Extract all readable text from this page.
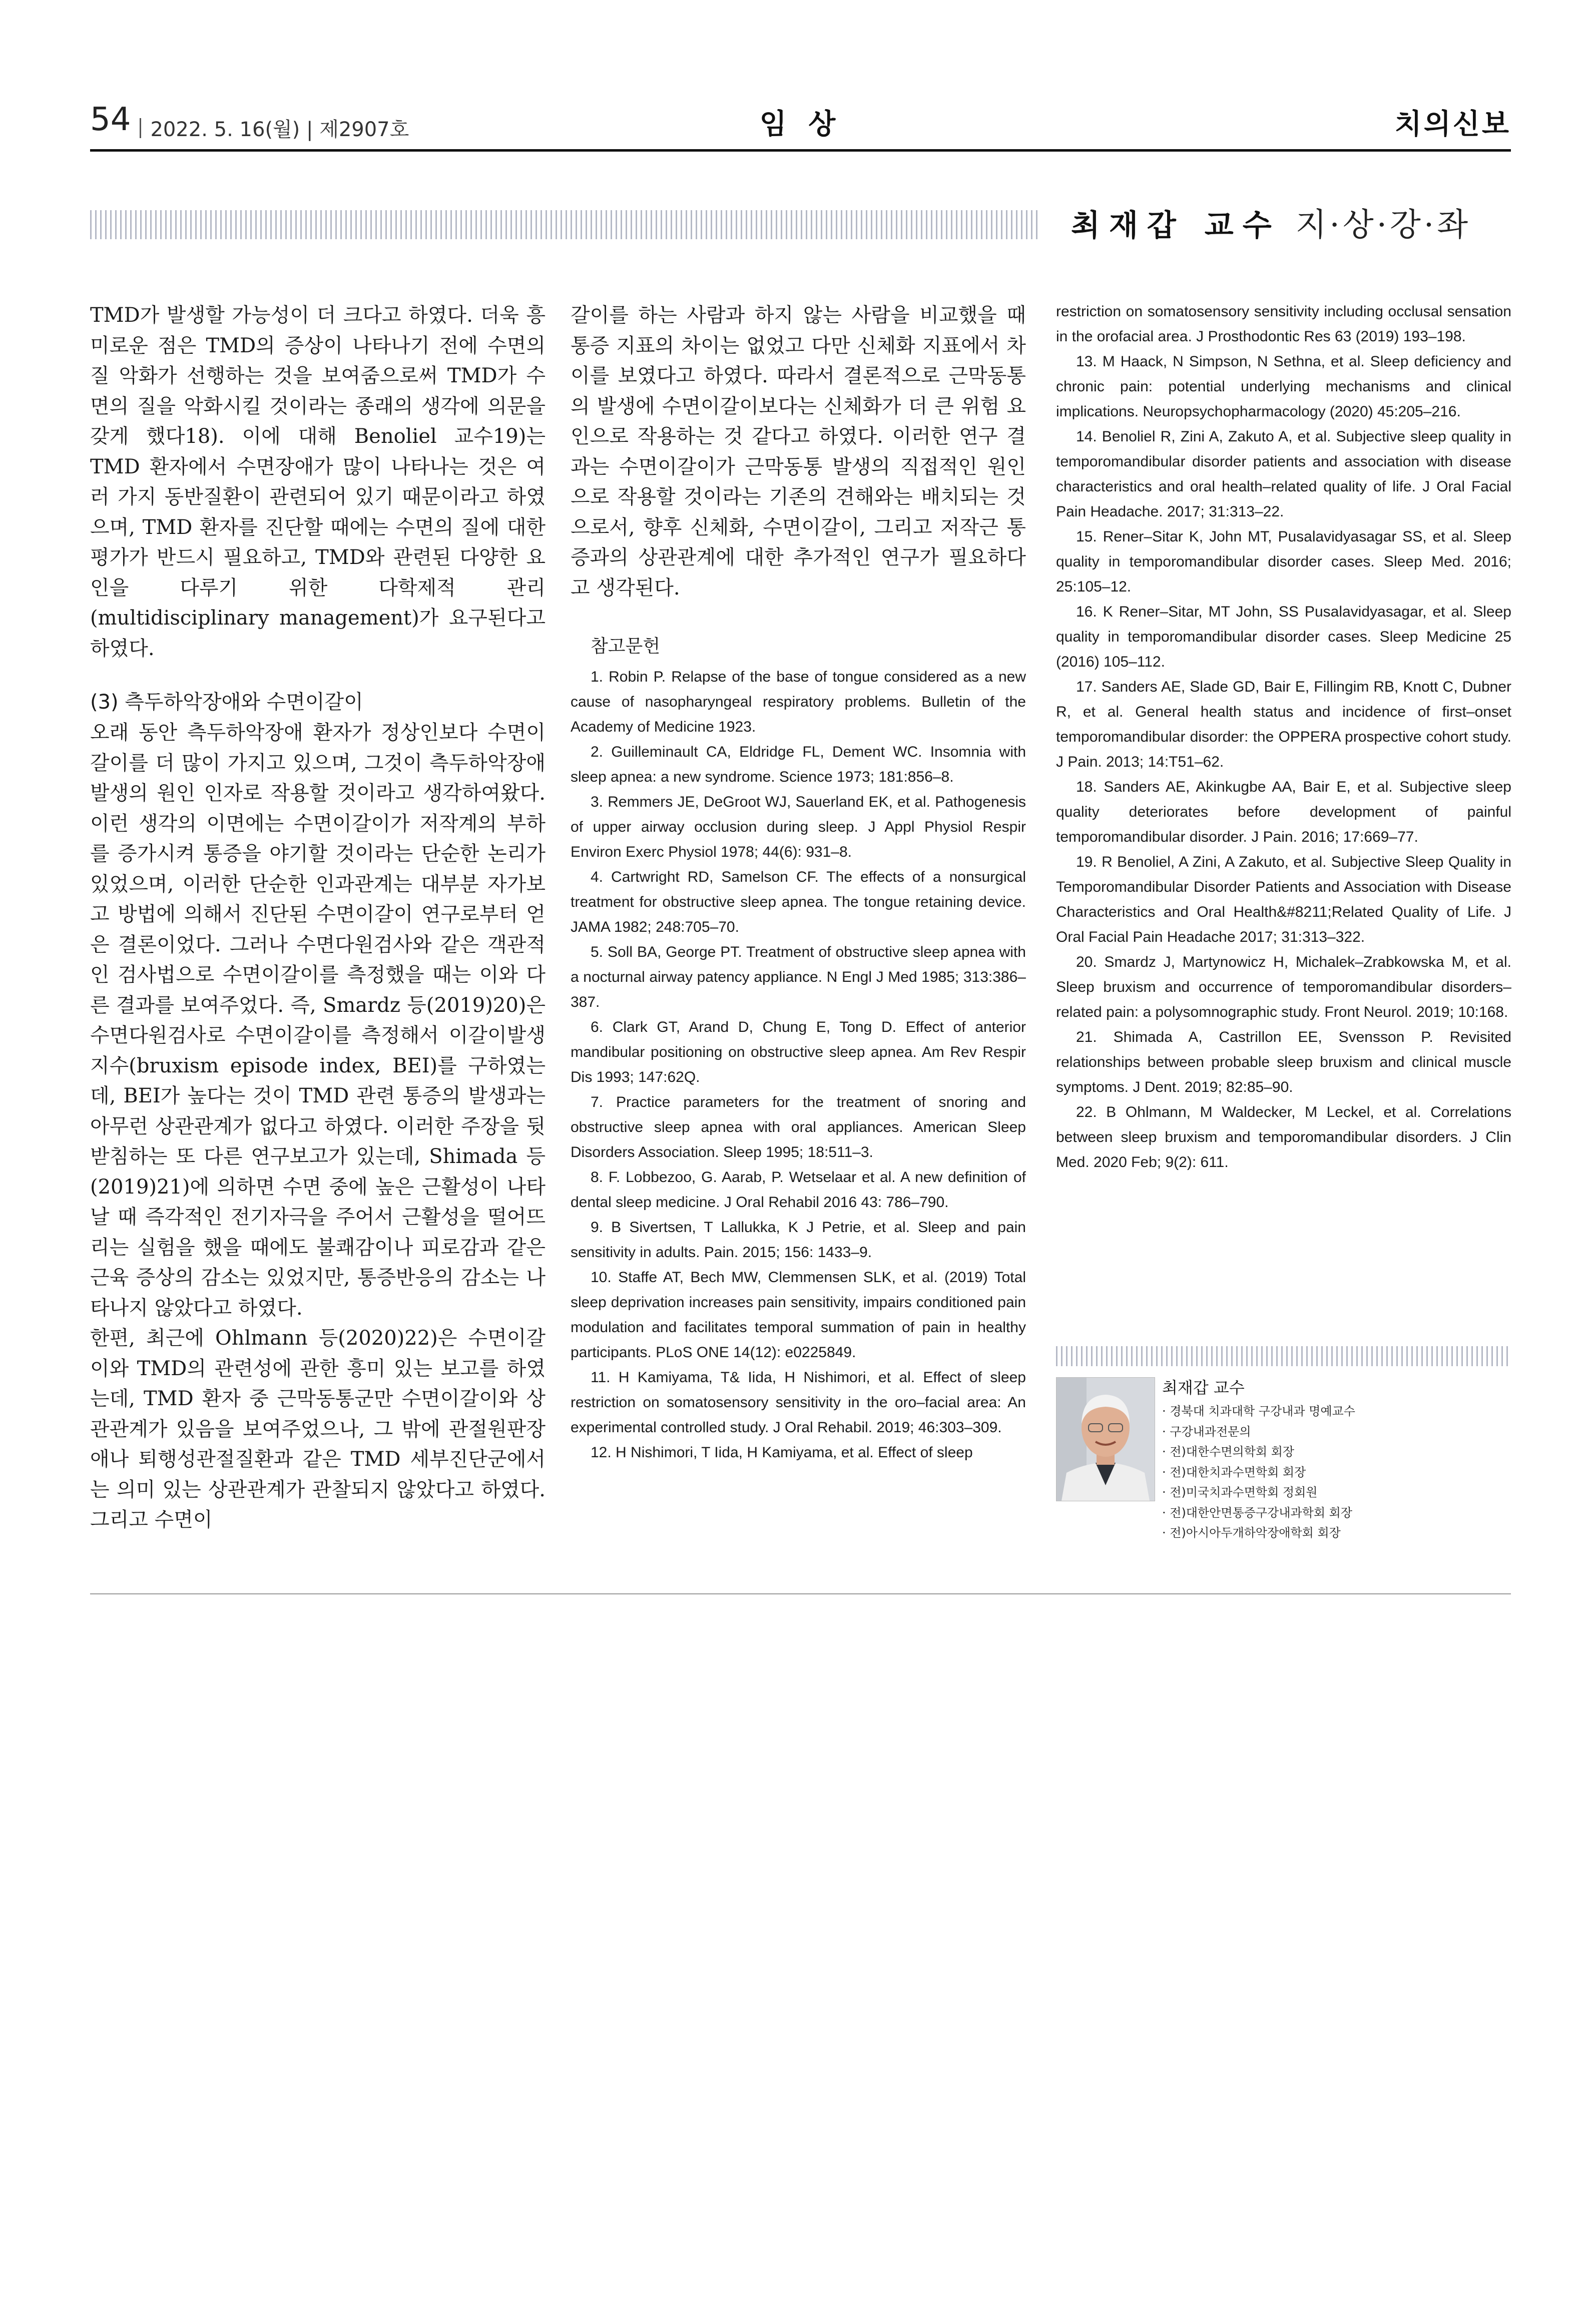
54 2022. 5. 16(월) | 제2907호	임 상	치의신보
최재갑 교수 지·상·강·좌

TMD가 발생할 가능성이 더 크다고 하였다. 더욱 흥미로운 점은 TMD의 증상이 나타나기 전에 수면의 질 악화가 선행하는 것을 보여줌으로써 TMD가 수면의 질을 악화시킬 것이라는 종래의 생각에 의문을 갖게 했다18). 이에 대해 Benoliel 교수19)는 TMD 환자에서 수면장애가 많이 나타나는 것은 여러 가지 동반질환이 관련되어 있기 때문이라고 하였으며, TMD 환자를 진단할 때에는 수면의 질에 대한 평가가 반드시 필요하고, TMD와 관련된 다양한 요인을 다루기 위한 다학제적 관리(multidisciplinary management)가 요구된다고 하였다.

(3) 측두하악장애와 수면이갈이

오래 동안 측두하악장애 환자가 정상인보다 수면이갈이를 더 많이 가지고 있으며, 그것이 측두하악장애 발생의 원인 인자로 작용할 것이라고 생각하여왔다. 이런 생각의 이면에는 수면이갈이가 저작계의 부하를 증가시켜 통증을 야기할 것이라는 단순한 논리가 있었으며, 이러한 단순한 인과관계는 대부분 자가보고 방법에 의해서 진단된 수면이갈이 연구로부터 얻은 결론이었다. 그러나 수면다원검사와 같은 객관적인 검사법으로 수면이갈이를 측정했을 때는 이와 다른 결과를 보여주었다. 즉, Smardz 등(2019)20)은 수면다원검사로 수면이갈이를 측정해서 이갈이발생지수(bruxism episode index, BEI)를 구하였는데, BEI가 높다는 것이 TMD 관련 통증의 발생과는 아무런 상관관계가 없다고 하였다. 이러한 주장을 뒷받침하는 또 다른 연구보고가 있는데, Shimada 등(2019)21)에 의하면 수면 중에 높은 근활성이 나타날 때 즉각적인 전기자극을 주어서 근활성을 떨어뜨리는 실험을 했을 때에도 불쾌감이나 피로감과 같은 근육 증상의 감소는 있었지만, 통증반응의 감소는 나타나지 않았다고 하였다.

한편, 최근에 Ohlmann 등(2020)22)은 수면이갈이와 TMD의 관련성에 관한 흥미 있는 보고를 하였는데, TMD 환자 중 근막동통군만 수면이갈이와 상관관계가 있음을 보여주었으나, 그 밖에 관절원판장애나 퇴행성관절질환과 같은 TMD 세부진단군에서는 의미 있는 상관관계가 관찰되지 않았다고 하였다. 그리고 수면이

갈이를 하는 사람과 하지 않는 사람을 비교했을 때 통증 지표의 차이는 없었고 다만 신체화 지표에서 차이를 보였다고 하였다. 따라서 결론적으로 근막동통의 발생에 수면이갈이보다는 신체화가 더 큰 위험 요인으로 작용하는 것 같다고 하였다. 이러한 연구 결과는 수면이갈이가 근막동통 발생의 직접적인 원인으로 작용할 것이라는 기존의 견해와는 배치되는 것으로서, 향후 신체화, 수면이갈이, 그리고 저작근 통증과의 상관관계에 대한 추가적인 연구가 필요하다고 생각된다.

참고문헌

1. Robin P. Relapse of the base of tongue considered as a new cause of nasopharyngeal respiratory problems. Bulletin of the Academy of Medicine 1923.

2. Guilleminault CA, Eldridge FL, Dement WC. Insomnia with sleep apnea: a new syndrome. Science 1973; 181:856–8.

3. Remmers JE, DeGroot WJ, Sauerland EK, et al. Pathogenesis of upper airway occlusion during sleep. J Appl Physiol Respir Environ Exerc Physiol 1978; 44(6): 931–8.

4. Cartwright RD, Samelson CF. The effects of a nonsurgical treatment for obstructive sleep apnea. The tongue retaining device. JAMA 1982; 248:705–70.

5. Soll BA, George PT. Treatment of obstructive sleep apnea with a nocturnal airway patency appliance. N Engl J Med 1985; 313:386–387.

6. Clark GT, Arand D, Chung E, Tong D. Effect of anterior mandibular positioning on obstructive sleep apnea. Am Rev Respir Dis 1993; 147:62Q.

7. Practice parameters for the treatment of snoring and obstructive sleep apnea with oral appliances. American Sleep Disorders Association. Sleep 1995; 18:511–3.

8. F. Lobbezoo, G. Aarab, P. Wetselaar et al. A new definition of dental sleep medicine. J Oral Rehabil 2016 43: 786–790.

9. B Sivertsen, T Lallukka, K J Petrie, et al. Sleep and pain sensitivity in adults. Pain. 2015; 156: 1433–9.

10. Staffe AT, Bech MW, Clemmensen SLK, et al. (2019) Total sleep deprivation increases pain sensitivity, impairs conditioned pain modulation and facilitates temporal summation of pain in healthy participants. PLoS ONE 14(12): e0225849.

11. H Kamiyama, T& Iida, H Nishimori, et al. Effect of sleep restriction on somatosensory sensitivity in the oro–facial area: An experimental controlled study. J Oral Rehabil. 2019; 46:303–309.

12. H Nishimori, T Iida, H Kamiyama, et al. Effect of sleep

restriction on somatosensory sensitivity including occlusal sensation in the orofacial area. J Prosthodontic Res 63 (2019) 193–198.

13. M Haack, N Simpson, N Sethna, et al. Sleep deficiency and chronic pain: potential underlying mechanisms and clinical implications. Neuropsychopharmacology (2020) 45:205–216.

14. Benoliel R, Zini A, Zakuto A, et al. Subjective sleep quality in temporomandibular disorder patients and association with disease characteristics and oral health–related quality of life. J Oral Facial Pain Headache. 2017; 31:313–22.

15. Rener–Sitar K, John MT, Pusalavidyasagar SS, et al. Sleep quality in temporomandibular disorder cases. Sleep Med. 2016; 25:105–12.

16. K Rener–Sitar, MT John, SS Pusalavidyasagar, et al. Sleep quality in temporomandibular disorder cases. Sleep Medicine 25 (2016) 105–112.

17. Sanders AE, Slade GD, Bair E, Fillingim RB, Knott C, Dubner R, et al. General health status and incidence of first–onset temporomandibular disorder: the OPPERA prospective cohort study. J Pain. 2013; 14:T51–62.

18. Sanders AE, Akinkugbe AA, Bair E, et al. Subjective sleep quality deteriorates before development of painful temporomandibular disorder. J Pain. 2016; 17:669–77.

19. R Benoliel, A Zini, A Zakuto, et al. Subjective Sleep Quality in Temporomandibular Disorder Patients and Association with Disease Characteristics and Oral Health&#8211;Related Quality of Life. J Oral Facial Pain Headache 2017; 31:313–322.

20. Smardz J, Martynowicz H, Michalek–Zrabkowska M, et al. Sleep bruxism and occurrence of temporomandibular disorders–related pain: a polysomnographic study. Front Neurol. 2019; 10:168.

21. Shimada A, Castrillon EE, Svensson P. Revisited relationships between probable sleep bruxism and clinical muscle symptoms. J Dent. 2019; 82:85–90.

22. B Ohlmann, M Waldecker, M Leckel, et al. Correlations between sleep bruxism and temporomandibular disorders. J Clin Med. 2020 Feb; 9(2): 611.

최재갑 교수
· 경북대 치과대학 구강내과 명예교수
· 구강내과전문의
· 전)대한수면의학회 회장
· 전)대한치과수면학회 회장
· 전)미국치과수면학회 정회원
· 전)대한안면통증구강내과학회 회장
· 전)아시아두개하악장애학회 회장
